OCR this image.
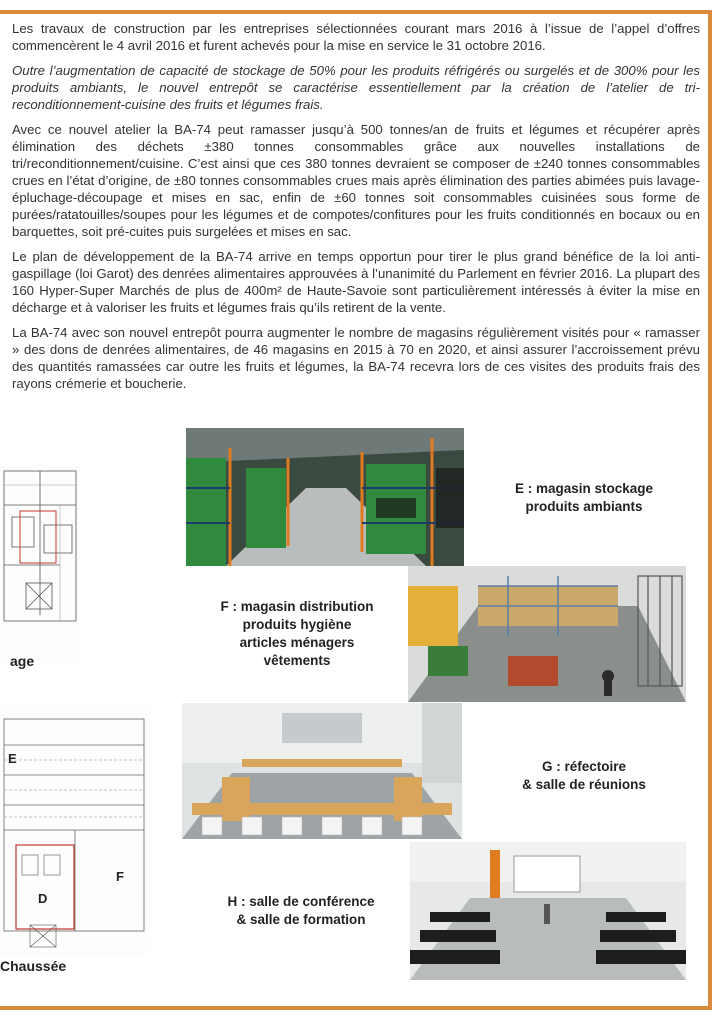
Les travaux de construction par les entreprises sélectionnées courant mars 2016 à l’issue de l’appel d’offres commencèrent le 4 avril 2016 et furent achevés pour la mise en service le 31 octobre 2016.

Outre l’augmentation de capacité de stockage de 50% pour les produits réfrigérés ou surgelés et de 300% pour les produits ambiants, le nouvel entrepôt se caractérise essentiellement par la création de l’atelier de tri-reconditionnement-cuisine des fruits et légumes frais.

Avec ce nouvel atelier la BA-74 peut ramasser jusqu’à 500 tonnes/an de fruits et légumes et récupérer après élimination des déchets ±380 tonnes consommables grâce aux nouvelles installations de tri/reconditionnement/cuisine. C’est ainsi que ces 380 tonnes devraient se composer de ±240 tonnes consommables crues en l’état d’origine, de ±80 tonnes consommables crues mais après élimination des parties abimées puis lavage-épluchage-découpage et mises en sac, enfin de ±60 tonnes soit consommables cuisinées sous forme de purées/ratatouilles/soupes pour les légumes et de compotes/confitures pour les fruits conditionnés en bocaux ou en barquettes, soit pré-cuites puis surgelées et mises en sac.

Le plan de développement de la BA-74 arrive en temps opportun pour tirer le plus grand bénéfice de la loi anti-gaspillage (loi Garot) des denrées alimentaires approuvées à l’unanimité du Parlement en février 2016. La plupart des 160 Hyper-Super Marchés de plus de 400m² de Haute-Savoie sont particulièrement intéressés à éviter la mise en décharge et à valoriser les fruits et légumes frais qu’ils retirent de la vente.

La BA-74 avec son nouvel entrepôt pourra augmenter le nombre de magasins régulièrement visités pour « ramasser » des dons de denrées alimentaires, de 46 magasins en 2015 à 70 en 2020, et ainsi assurer l’accroissement prévu des quantités ramassées car outre les fruits et légumes, la BA-74 recevra lors de ces visites des produits frais des rayons crémerie et boucherie.

age
E
F
D
Chaussée
E : magasin stockage
produits ambiants
F : magasin distribution
produits hygiène
articles ménagers
vêtements
G : réfectoire
& salle de réunions
H : salle de conférence
& salle de formation
